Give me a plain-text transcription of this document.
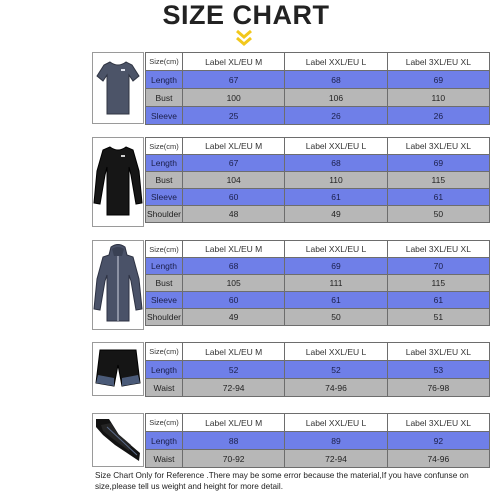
SIZE CHART
Size(cm)	Label XL/EU M	Label XXL/EU L	Label 3XL/EU XL
Length	67	68	69
Bust	100	106	110
Sleeve	25	26	26
Size(cm)	Label XL/EU M	Label XXL/EU L	Label 3XL/EU XL
Length	67	68	69
Bust	104	110	115
Sleeve	60	61	61
Shoulder	48	49	50
Size(cm)	Label XL/EU M	Label XXL/EU L	Label 3XL/EU XL
Length	68	69	70
Bust	105	111	115
Sleeve	60	61	61
Shoulder	49	50	51
Size(cm)	Label XL/EU M	Label XXL/EU L	Label 3XL/EU XL
Length	52	52	53
Waist	72-94	74-96	76-98
Size(cm)	Label XL/EU M	Label XXL/EU L	Label 3XL/EU XL
Length	88	89	92
Waist	70-92	72-94	74-96
Size Chart Only for Reference .There may be some error because the material,If you have confunse on size,please tell us weight and height for more detail.
